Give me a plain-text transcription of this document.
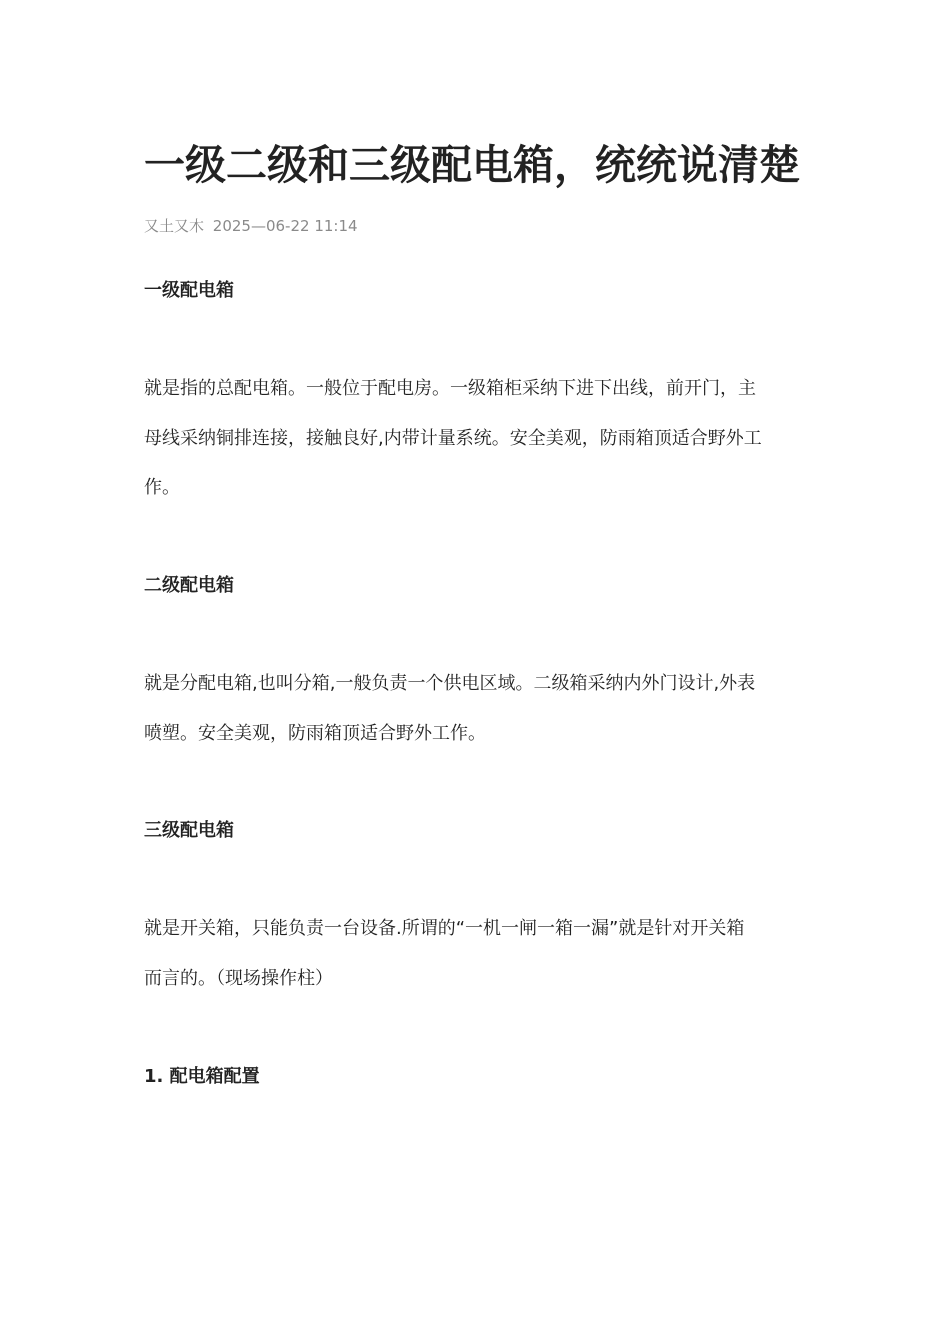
一级二级和三级配电箱，统统说清楚
又土又木 2025—06-22 11:14
一级配电箱

就是指的总配电箱。一般位于配电房。一级箱柜采纳下进下出线，前开门，主
母线采纳铜排连接，接触良好,内带计量系统。安全美观，防雨箱顶适合野外工
作。

二级配电箱

就是分配电箱,也叫分箱,一般负责一个供电区域。二级箱采纳内外门设计,外表
喷塑。安全美观，防雨箱顶适合野外工作。

三级配电箱

就是开关箱，只能负责一台设备.所谓的“一机一闸一箱一漏”就是针对开关箱
而言的。（现场操作柱）

1. 配电箱配置
